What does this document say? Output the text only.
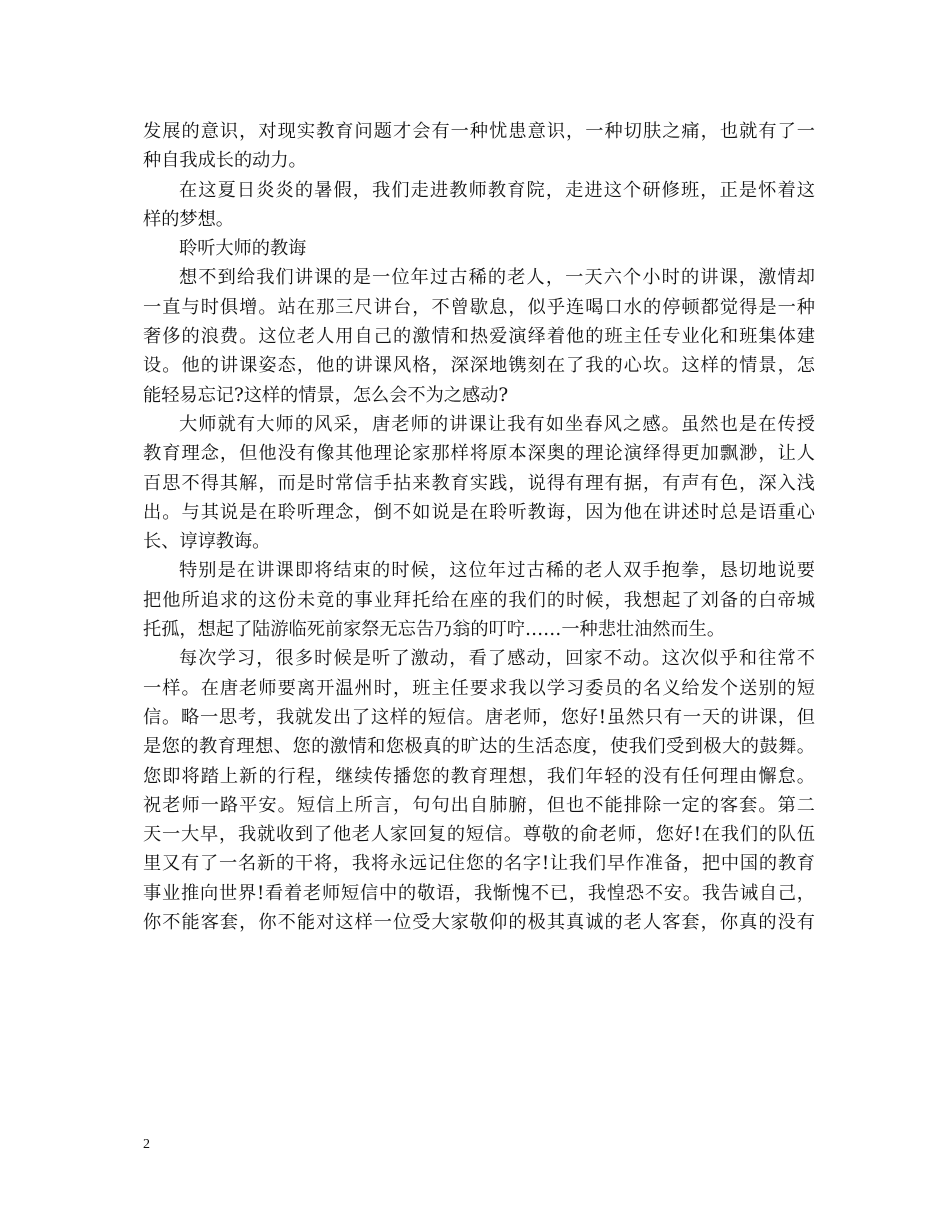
发展的意识，对现实教育问题才会有一种忧患意识，一种切肤之痛，也就有了一

种自我成长的动力。

在这夏日炎炎的暑假，我们走进教师教育院，走进这个研修班，正是怀着这

样的梦想。

聆听大师的教诲

想不到给我们讲课的是一位年过古稀的老人，一天六个小时的讲课，激情却

一直与时俱增。站在那三尺讲台，不曾歇息，似乎连喝口水的停顿都觉得是一种

奢侈的浪费。这位老人用自己的激情和热爱演绎着他的班主任专业化和班集体建

设。他的讲课姿态，他的讲课风格，深深地镌刻在了我的心坎。这样的情景，怎

能轻易忘记?这样的情景，怎么会不为之感动?

大师就有大师的风采，唐老师的讲课让我有如坐春风之感。虽然也是在传授

教育理念，但他没有像其他理论家那样将原本深奥的理论演绎得更加飘渺，让人

百思不得其解，而是时常信手拈来教育实践，说得有理有据，有声有色，深入浅

出。与其说是在聆听理念，倒不如说是在聆听教诲，因为他在讲述时总是语重心

长、谆谆教诲。

特别是在讲课即将结束的时候，这位年过古稀的老人双手抱拳，恳切地说要

把他所追求的这份未竟的事业拜托给在座的我们的时候，我想起了刘备的白帝城

托孤，想起了陆游临死前家祭无忘告乃翁的叮咛……一种悲壮油然而生。

每次学习，很多时候是听了激动，看了感动，回家不动。这次似乎和往常不

一样。在唐老师要离开温州时，班主任要求我以学习委员的名义给发个送别的短

信。略一思考，我就发出了这样的短信。唐老师，您好!虽然只有一天的讲课，但

是您的教育理想、您的激情和您极真的旷达的生活态度，使我们受到极大的鼓舞。

您即将踏上新的行程，继续传播您的教育理想，我们年轻的没有任何理由懈怠。

祝老师一路平安。短信上所言，句句出自肺腑，但也不能排除一定的客套。第二

天一大早，我就收到了他老人家回复的短信。尊敬的俞老师，您好!在我们的队伍

里又有了一名新的干将，我将永远记住您的名字!让我们早作准备，把中国的教育

事业推向世界!看着老师短信中的敬语，我惭愧不已，我惶恐不安。我告诫自己，

你不能客套，你不能对这样一位受大家敬仰的极其真诚的老人客套，你真的没有

2
